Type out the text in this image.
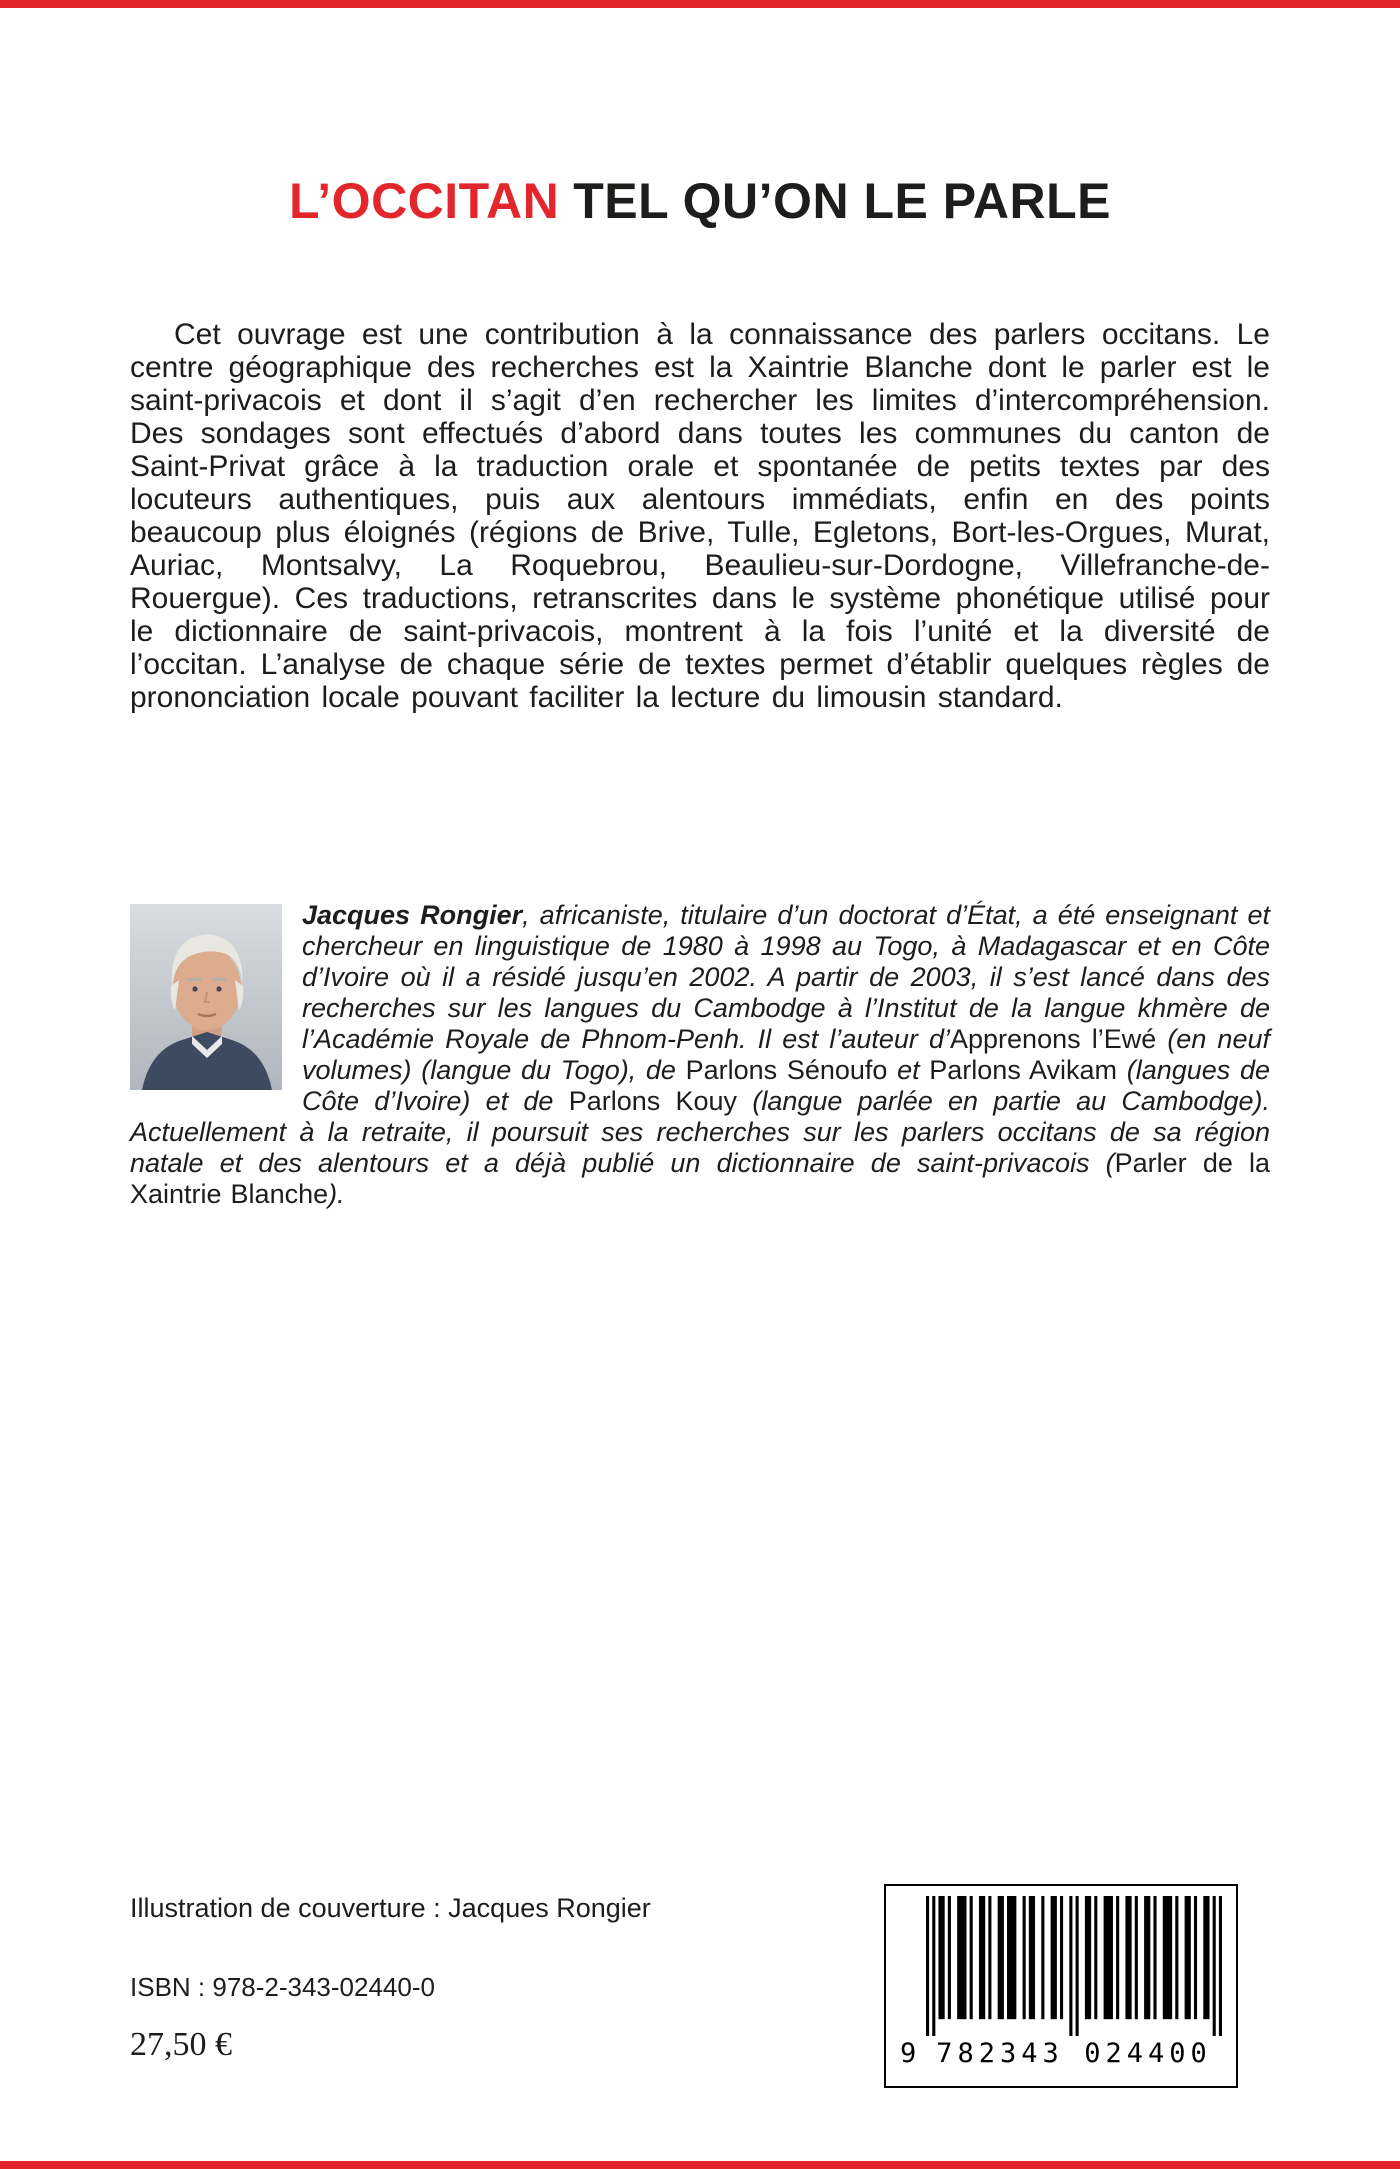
L’OCCITAN TEL QU’ON LE PARLE

Cet ouvrage est une contribution à la connaissance des parlers occitans. Le centre géographique des recherches est la Xaintrie Blanche dont le parler est le saint-privacois et dont il s’agit d’en rechercher les limites d’intercompréhension. Des sondages sont effectués d’abord dans toutes les communes du canton de Saint-Privat grâce à la traduction orale et spontanée de petits textes par des locuteurs authentiques, puis aux alentours immédiats, enfin en des points beaucoup plus éloignés (régions de Brive, Tulle, Egletons, Bort-les-Orgues, Murat, Auriac, Montsalvy, La Roquebrou, Beaulieu-sur-Dordogne, Villefranche-de-Rouergue). Ces traductions, retranscrites dans le système phonétique utilisé pour le dictionnaire de saint-privacois, montrent à la fois l’unité et la diversité de l’occitan. L’analyse de chaque série de textes permet d’établir quelques règles de prononciation locale pouvant faciliter la lecture du limousin standard.

Jacques Rongier, africaniste, titulaire d’un doctorat d’État, a été enseignant et chercheur en linguistique de 1980 à 1998 au Togo, à Madagascar et en Côte d’Ivoire où il a résidé jusqu’en 2002. A partir de 2003, il s’est lancé dans des recherches sur les langues du Cambodge à l’Institut de la langue khmère de l’Académie Royale de Phnom-Penh. Il est l’auteur d’Apprenons l’Ewé (en neuf volumes) (langue du Togo), de Parlons Sénoufo et Parlons Avikam (langues de Côte d’Ivoire) et de Parlons Kouy (langue parlée en partie au Cambodge). Actuellement à la retraite, il poursuit ses recherches sur les parlers occitans de sa région natale et des alentours et a déjà publié un dictionnaire de saint-privacois (Parler de la Xaintrie Blanche).
Illustration de couverture : Jacques Rongier
ISBN : 978-2-343-02440-0
27,50 €	9 782343 024400
